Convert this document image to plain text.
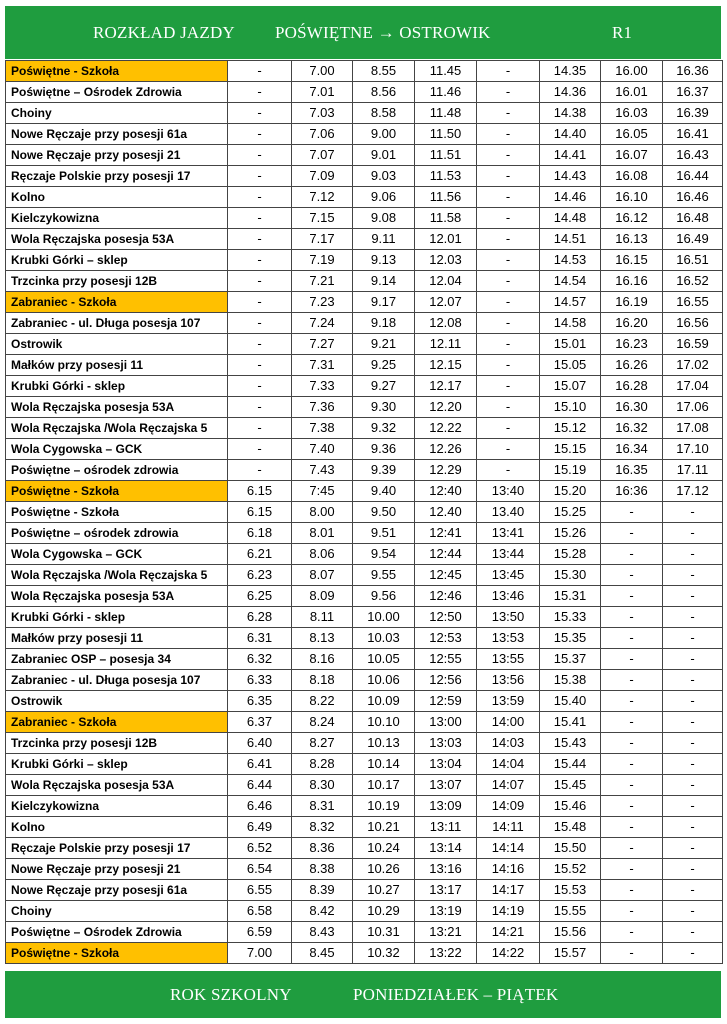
ROZKŁAD JAZDY POŚWIĘTNE → OSTROWIK	R1
Poświętne - Szkoła	-	7.00	8.55	11.45	-	14.35	16.00	16.36
Poświętne – Ośrodek Zdrowia	-	7.01	8.56	11.46	-	14.36	16.01	16.37
Choiny	-	7.03	8.58	11.48	-	14.38	16.03	16.39
Nowe Ręczaje przy posesji 61a	-	7.06	9.00	11.50	-	14.40	16.05	16.41
Nowe Ręczaje przy posesji 21	-	7.07	9.01	11.51	-	14.41	16.07	16.43
Ręczaje Polskie przy posesji 17	-	7.09	9.03	11.53	-	14.43	16.08	16.44
Kolno	-	7.12	9.06	11.56	-	14.46	16.10	16.46
Kielczykowizna	-	7.15	9.08	11.58	-	14.48	16.12	16.48
Wola Ręczajska posesja 53A	-	7.17	9.11	12.01	-	14.51	16.13	16.49
Krubki Górki – sklep	-	7.19	9.13	12.03	-	14.53	16.15	16.51
Trzcinka przy posesji 12B	-	7.21	9.14	12.04	-	14.54	16.16	16.52
Zabraniec - Szkoła	-	7.23	9.17	12.07	-	14.57	16.19	16.55
Zabraniec - ul. Długa posesja 107	-	7.24	9.18	12.08	-	14.58	16.20	16.56
Ostrowik	-	7.27	9.21	12.11	-	15.01	16.23	16.59
Małków przy posesji 11	-	7.31	9.25	12.15	-	15.05	16.26	17.02
Krubki Górki - sklep	-	7.33	9.27	12.17	-	15.07	16.28	17.04
Wola Ręczajska posesja 53A	-	7.36	9.30	12.20	-	15.10	16.30	17.06
Wola Ręczajska /Wola Ręczajska 5	-	7.38	9.32	12.22	-	15.12	16.32	17.08
Wola Cygowska – GCK	-	7.40	9.36	12.26	-	15.15	16.34	17.10
Poświętne – ośrodek zdrowia	-	7.43	9.39	12.29	-	15.19	16.35	17.11
Poświętne - Szkoła	6.15	7:45	9.40	12:40	13:40	15.20	16:36	17.12
Poświętne - Szkoła	6.15	8.00	9.50	12.40	13.40	15.25	-	-
Poświętne – ośrodek zdrowia	6.18	8.01	9.51	12:41	13:41	15.26	-	-
Wola Cygowska – GCK	6.21	8.06	9.54	12:44	13:44	15.28	-	-
Wola Ręczajska /Wola Ręczajska 5	6.23	8.07	9.55	12:45	13:45	15.30	-	-
Wola Ręczajska posesja 53A	6.25	8.09	9.56	12:46	13:46	15.31	-	-
Krubki Górki - sklep	6.28	8.11	10.00	12:50	13:50	15.33	-	-
Małków przy posesji 11	6.31	8.13	10.03	12:53	13:53	15.35	-	-
Zabraniec OSP – posesja 34	6.32	8.16	10.05	12:55	13:55	15.37	-	-
Zabraniec - ul. Długa posesja 107	6.33	8.18	10.06	12:56	13:56	15.38	-	-
Ostrowik	6.35	8.22	10.09	12:59	13:59	15.40	-	-
Zabraniec - Szkoła	6.37	8.24	10.10	13:00	14:00	15.41	-	-
Trzcinka przy posesji 12B	6.40	8.27	10.13	13:03	14:03	15.43	-	-
Krubki Górki – sklep	6.41	8.28	10.14	13:04	14:04	15.44	-	-
Wola Ręczajska posesja 53A	6.44	8.30	10.17	13:07	14:07	15.45	-	-
Kielczykowizna	6.46	8.31	10.19	13:09	14:09	15.46	-	-
Kolno	6.49	8.32	10.21	13:11	14:11	15.48	-	-
Ręczaje Polskie przy posesji 17	6.52	8.36	10.24	13:14	14:14	15.50	-	-
Nowe Ręczaje przy posesji 21	6.54	8.38	10.26	13:16	14:16	15.52	-	-
Nowe Ręczaje przy posesji 61a	6.55	8.39	10.27	13:17	14:17	15.53	-	-
Choiny	6.58	8.42	10.29	13:19	14:19	15.55	-	-
Poświętne – Ośrodek Zdrowia	6.59	8.43	10.31	13:21	14:21	15.56	-	-
Poświętne - Szkoła	7.00	8.45	10.32	13:22	14:22	15.57	-	-
ROK SZKOLNY	PONIEDZIAŁEK – PIĄTEK
